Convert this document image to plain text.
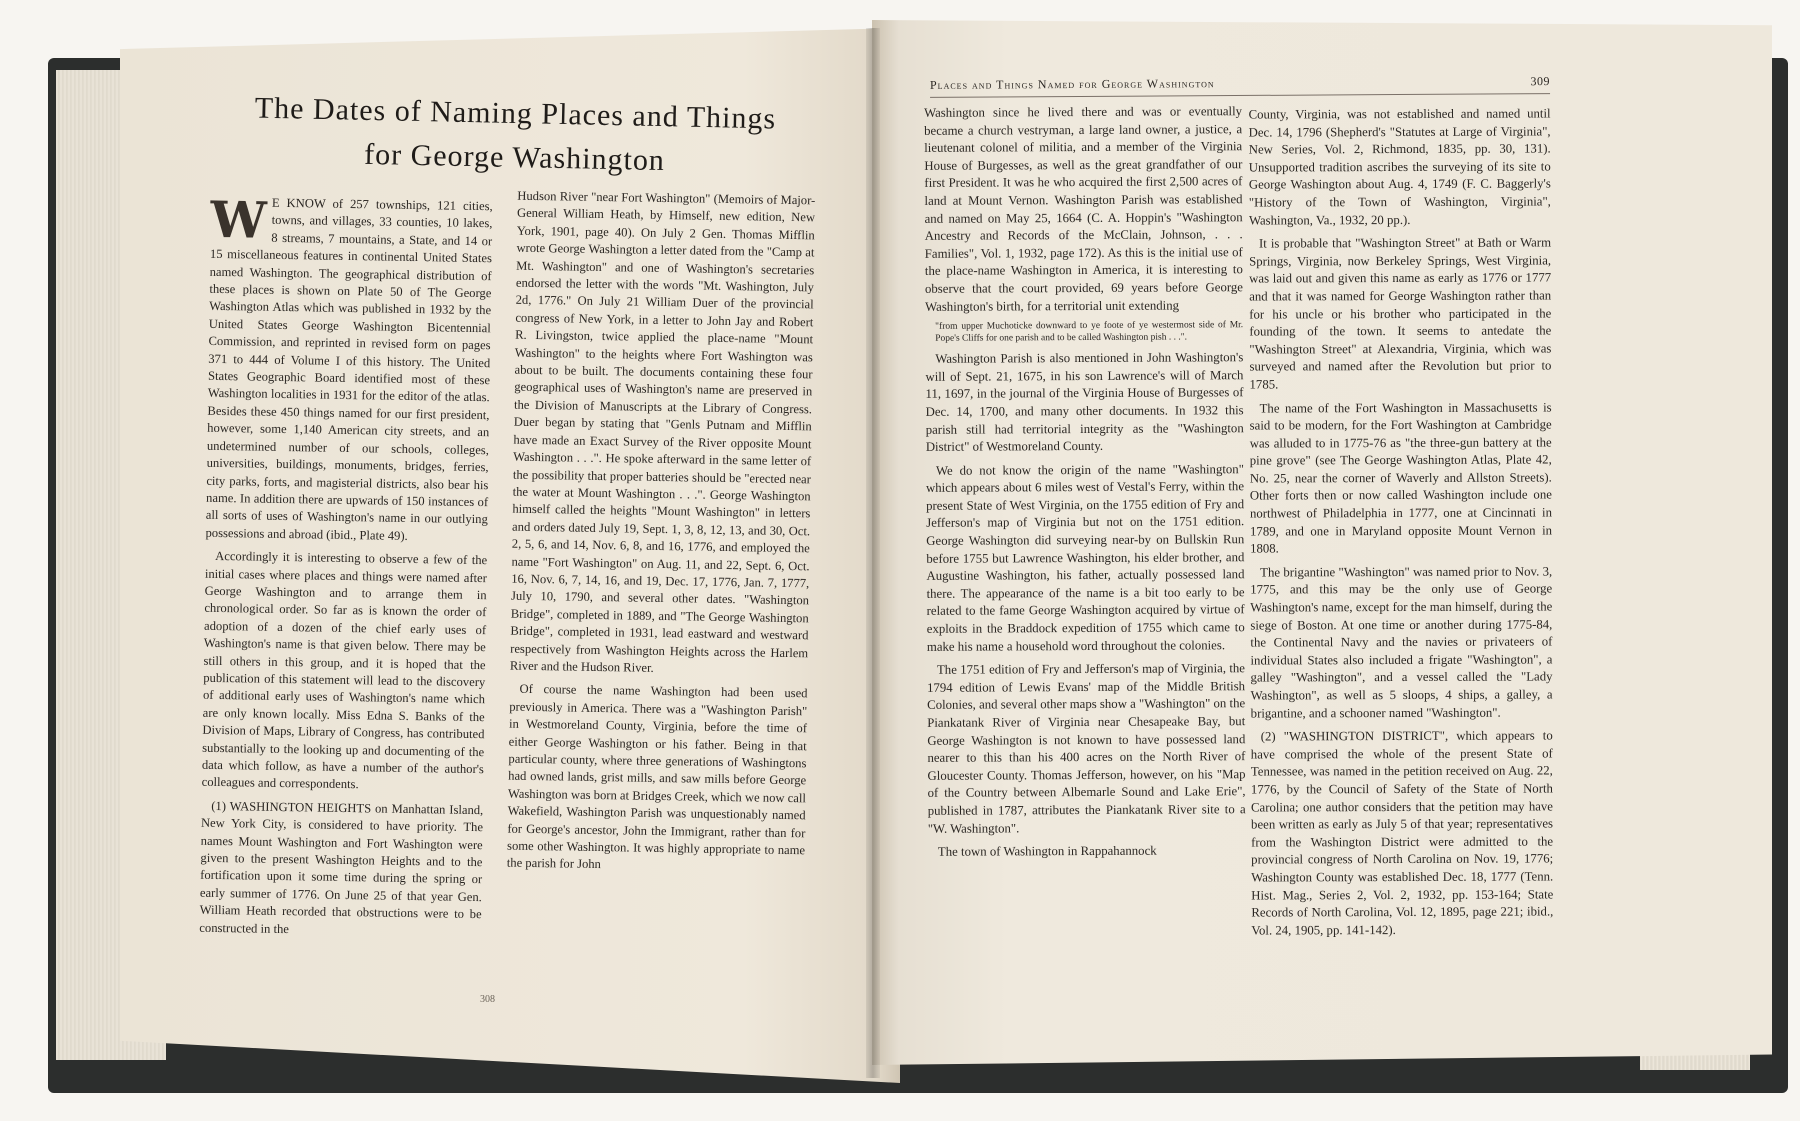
The Dates of Naming Places and Things
for George Washington

W E KNOW of 257 townships, 121 cities, towns, and villages, 33 counties, 10 lakes, 8 streams, 7 mountains, a State, and 14 or 15 miscellaneous features in continental United States named Washington. The geographical distribution of these places is shown on Plate 50 of The George Washington Atlas which was published in 1932 by the United States George Washington Bicentennial Commission, and reprinted in revised form on pages 371 to 444 of Volume I of this history. The United States Geographic Board identified most of these Washington localities in 1931 for the editor of the atlas. Besides these 450 things named for our first president, however, some 1,140 American city streets, and an undetermined number of our schools, colleges, universities, buildings, monuments, bridges, ferries, city parks, forts, and magisterial districts, also bear his name. In addition there are upwards of 150 instances of all sorts of uses of Washington's name in our outlying possessions and abroad (ibid., Plate 49).

Accordingly it is interesting to observe a few of the initial cases where places and things were named after George Washington and to arrange them in chronological order. So far as is known the order of adoption of a dozen of the chief early uses of Washington's name is that given below. There may be still others in this group, and it is hoped that the publication of this statement will lead to the discovery of additional early uses of Washington's name which are only known locally. Miss Edna S. Banks of the Division of Maps, Library of Congress, has contributed substantially to the looking up and documenting of the data which follow, as have a number of the author's colleagues and correspondents.

(1) WASHINGTON HEIGHTS on Manhattan Island, New York City, is considered to have priority. The names Mount Washington and Fort Washington were given to the present Washington Heights and to the fortification upon it some time during the spring or early summer of 1776. On June 25 of that year Gen. William Heath recorded that obstructions were to be constructed in the

Hudson River "near Fort Washington" (Memoirs of Major-General William Heath, by Himself, new edition, New York, 1901, page 40). On July 2 Gen. Thomas Mifflin wrote George Washington a letter dated from the "Camp at Mt. Washington" and one of Washington's secretaries endorsed the letter with the words "Mt. Washington, July 2d, 1776." On July 21 William Duer of the provincial congress of New York, in a letter to John Jay and Robert R. Livingston, twice applied the place-name "Mount Washington" to the heights where Fort Washington was about to be built. The documents containing these four geographical uses of Washington's name are preserved in the Division of Manuscripts at the Library of Congress. Duer began by stating that "Genls Putnam and Mifflin have made an Exact Survey of the River opposite Mount Washington . . .". He spoke afterward in the same letter of the possibility that proper batteries should be "erected near the water at Mount Washington . . .". George Washington himself called the heights "Mount Washington" in letters and orders dated July 19, Sept. 1, 3, 8, 12, 13, and 30, Oct. 2, 5, 6, and 14, Nov. 6, 8, and 16, 1776, and employed the name "Fort Washington" on Aug. 11, and 22, Sept. 6, Oct. 16, Nov. 6, 7, 14, 16, and 19, Dec. 17, 1776, Jan. 7, 1777, July 10, 1790, and several other dates. "Washington Bridge", completed in 1889, and "The George Washington Bridge", completed in 1931, lead eastward and westward respectively from Washington Heights across the Harlem River and the Hudson River.

Of course the name Washington had been used previously in America. There was a "Washington Parish" in Westmoreland County, Virginia, before the time of either George Washington or his father. Being in that particular county, where three generations of Washingtons had owned lands, grist mills, and saw mills before George Washington was born at Bridges Creek, which we now call Wakefield, Washington Parish was unquestionably named for George's ancestor, John the Immigrant, rather than for some other Washington. It was highly appropriate to name the parish for John

308
Places and Things Named for George Washington	309

Washington since he lived there and was or eventually became a church vestryman, a large land owner, a justice, a lieutenant colonel of militia, and a member of the Virginia House of Burgesses, as well as the great grandfather of our first President. It was he who acquired the first 2,500 acres of land at Mount Vernon. Washington Parish was established and named on May 25, 1664 (C. A. Hoppin's "Washington Ancestry and Records of the McClain, Johnson, . . . Families", Vol. 1, 1932, page 172). As this is the initial use of the place-name Washington in America, it is interesting to observe that the court provided, 69 years before George Washington's birth, for a territorial unit extending

"from upper Muchoticke downward to ye foote of ye westermost side of Mr. Pope's Cliffs for one parish and to be called Washington pish . . .".

Washington Parish is also mentioned in John Washington's will of Sept. 21, 1675, in his son Lawrence's will of March 11, 1697, in the journal of the Virginia House of Burgesses of Dec. 14, 1700, and many other documents. In 1932 this parish still had territorial integrity as the "Washington District" of Westmoreland County.

We do not know the origin of the name "Washington" which appears about 6 miles west of Vestal's Ferry, within the present State of West Virginia, on the 1755 edition of Fry and Jefferson's map of Virginia but not on the 1751 edition. George Washington did surveying near-by on Bullskin Run before 1755 but Lawrence Washington, his elder brother, and Augustine Washington, his father, actually possessed land there. The appearance of the name is a bit too early to be related to the fame George Washington acquired by virtue of exploits in the Braddock expedition of 1755 which came to make his name a household word throughout the colonies.

The 1751 edition of Fry and Jefferson's map of Virginia, the 1794 edition of Lewis Evans' map of the Middle British Colonies, and several other maps show a "Washington" on the Piankatank River of Virginia near Chesapeake Bay, but George Washington is not known to have possessed land nearer to this than his 400 acres on the North River of Gloucester County. Thomas Jefferson, however, on his "Map of the Country between Albemarle Sound and Lake Erie", published in 1787, attributes the Piankatank River site to a "W. Washington".

The town of Washington in Rappahannock

County, Virginia, was not established and named until Dec. 14, 1796 (Shepherd's "Statutes at Large of Virginia", New Series, Vol. 2, Richmond, 1835, pp. 30, 131). Unsupported tradition ascribes the surveying of its site to George Washington about Aug. 4, 1749 (F. C. Baggerly's "History of the Town of Washington, Virginia", Washington, Va., 1932, 20 pp.).

It is probable that "Washington Street" at Bath or Warm Springs, Virginia, now Berkeley Springs, West Virginia, was laid out and given this name as early as 1776 or 1777 and that it was named for George Washington rather than for his uncle or his brother who participated in the founding of the town. It seems to antedate the "Washington Street" at Alexandria, Virginia, which was surveyed and named after the Revolution but prior to 1785.

The name of the Fort Washington in Massachusetts is said to be modern, for the Fort Washington at Cambridge was alluded to in 1775-76 as "the three-gun battery at the pine grove" (see The George Washington Atlas, Plate 42, No. 25, near the corner of Waverly and Allston Streets). Other forts then or now called Washington include one northwest of Philadelphia in 1777, one at Cincinnati in 1789, and one in Maryland opposite Mount Vernon in 1808.

The brigantine "Washington" was named prior to Nov. 3, 1775, and this may be the only use of George Washington's name, except for the man himself, during the siege of Boston. At one time or another during 1775-84, the Continental Navy and the navies or privateers of individual States also included a frigate "Washington", a galley "Washington", and a vessel called the "Lady Washington", as well as 5 sloops, 4 ships, a galley, a brigantine, and a schooner named "Washington".

(2) "WASHINGTON DISTRICT", which appears to have comprised the whole of the present State of Tennessee, was named in the petition received on Aug. 22, 1776, by the Council of Safety of the State of North Carolina; one author considers that the petition may have been written as early as July 5 of that year; representatives from the Washington District were admitted to the provincial congress of North Carolina on Nov. 19, 1776; Washington County was established Dec. 18, 1777 (Tenn. Hist. Mag., Series 2, Vol. 2, 1932, pp. 153-164; State Records of North Carolina, Vol. 12, 1895, page 221; ibid., Vol. 24, 1905, pp. 141-142).
